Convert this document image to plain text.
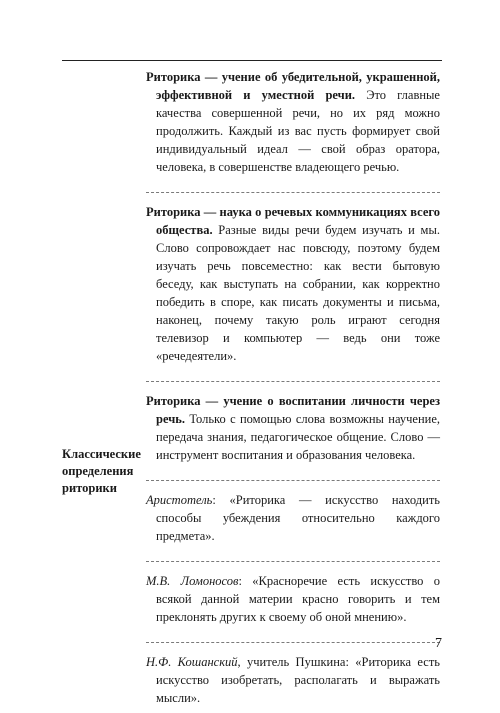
Риторика — учение об убедительной, украшенной, эффективной и уместной речи. Это главные качества совершенной речи, но их ряд можно продолжить. Каждый из вас пусть формирует свой индивидуальный идеал — свой образ оратора, человека, в совершенстве владеющего речью.
Риторика — наука о речевых коммуникациях всего общества. Разные виды речи будем изучать и мы. Слово сопровождает нас повсюду, поэтому будем изучать речь повсеместно: как вести бытовую беседу, как выступать на собрании, как корректно победить в споре, как писать документы и письма, наконец, почему такую роль играют сегодня телевизор и компьютер — ведь они тоже «речедеятели».
Риторика — учение о воспитании личности через речь. Только с помощью слова возможны научение, передача знания, педагогическое общение. Слово — инструмент воспитания и образования человека.
Аристотель: «Риторика — искусство находить способы убеждения относительно каждого предмета».
М.В. Ломоносов: «Красноречие есть искусство о всякой данной материи красно говорить и тем преклонять других к своему об оной мнению».
Н.Ф. Кошанский, учитель Пушкина: «Риторика есть искусство изобретать, располагать и выражать мысли».
Классические определения риторики
7
